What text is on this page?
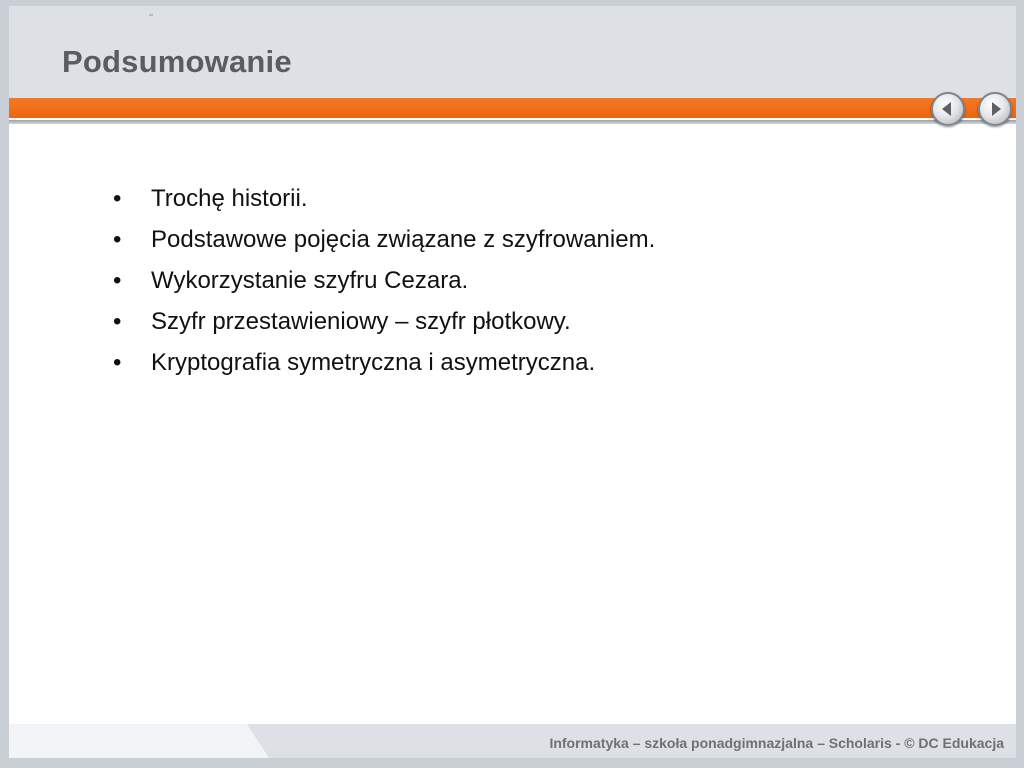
Podsumowanie
• Trochę historii.
• Podstawowe pojęcia związane z szyfrowaniem.
• Wykorzystanie szyfru Cezara.
• Szyfr przestawieniowy – szyfr płotkowy.
• Kryptografia symetryczna i asymetryczna.
Informatyka – szkoła ponadgimnazjalna – Scholaris - © DC Edukacja
